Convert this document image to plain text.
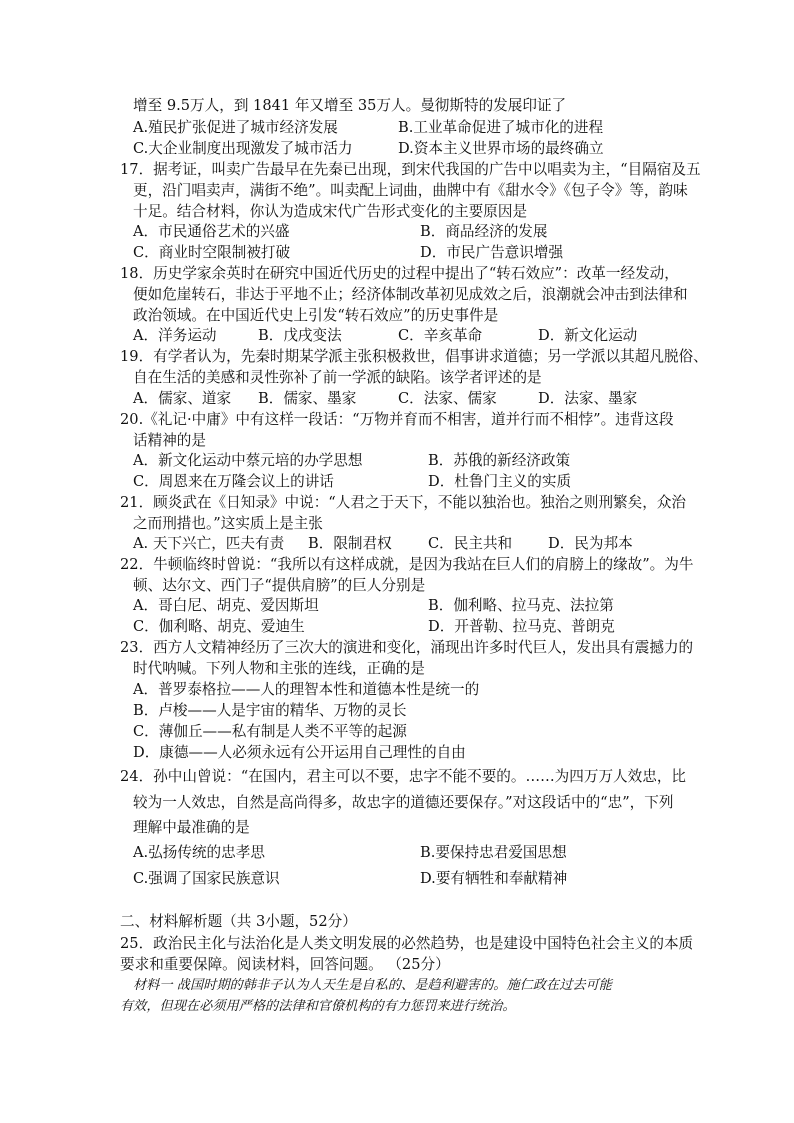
增至 9.5万人，到 1841 年又增至 35万人。曼彻斯特的发展印证了
A.殖民扩张促进了城市经济发展	B.工业革命促进了城市化的进程
C.大企业制度出现激发了城市活力	D.资本主义世界市场的最终确立
17．据考证，叫卖广告最早在先秦已出现，到宋代我国的广告中以唱卖为主，“目隔宿及五
更，沿门唱卖声，满街不绝”。叫卖配上词曲，曲牌中有《甜水令》《包子令》等，韵味
十足。结合材料，你认为造成宋代广告形式变化的主要原因是
A．市民通俗艺术的兴盛	B．商品经济的发展
C．商业时空限制被打破	D．市民广告意识增强
18．历史学家余英时在研究中国近代历史的过程中提出了“转石效应”：改革一经发动，
便如危崖转石，非达于平地不止；经济体制改革初见成效之后，浪潮就会冲击到法律和
政治领域。在中国近代史上引发“转石效应”的历史事件是
A．洋务运动	B．戊戌变法	C．辛亥革命	D．新文化运动
19．有学者认为，先秦时期某学派主张积极救世，倡事讲求道德；另一学派以其超凡脱俗、
自在生活的美感和灵性弥补了前一学派的缺陷。该学者评述的是
A．儒家、道家 B．儒家、墨家	C．法家、儒家	D．法家、墨家
20.《礼记·中庸》中有这样一段话：“万物并育而不相害，道并行而不相悖”。违背这段
话精神的是
A．新文化运动中蔡元培的办学思想	B．苏俄的新经济政策
C．周恩来在万隆会议上的讲话	D．杜鲁门主义的实质
21．顾炎武在《日知录》中说：“人君之于天下，不能以独治也。独治之则刑繁矣，众治
之而刑措也。”这实质上是主张
A. 天下兴亡，匹夫有责 B．限制君权 C．民主共和 D．民为邦本
22．牛顿临终时曾说：“我所以有这样成就，是因为我站在巨人们的肩膀上的缘故”。为牛
顿、达尔文、西门子“提供肩膀”的巨人分别是
A．哥白尼、胡克、爱因斯坦	B．伽利略、拉马克、法拉第
C．伽利略、胡克、爱迪生	D．开普勒、拉马克、普朗克
23．西方人文精神经历了三次大的演进和变化，涌现出许多时代巨人，发出具有震撼力的
时代呐喊。下列人物和主张的连线，正确的是
A．普罗泰格拉——人的理智本性和道德本性是统一的
B．卢梭——人是宇宙的精华、万物的灵长
C．薄伽丘——私有制是人类不平等的起源
D．康德——人必须永远有公开运用自己理性的自由
24．孙中山曾说：“在国内，君主可以不要，忠字不能不要的。……为四万万人效忠，比
较为一人效忠，自然是高尚得多，故忠字的道德还要保存。”对这段话中的“忠”，下列
理解中最准确的是
A.弘扬传统的忠孝思	B.要保持忠君爱国思想
C.强调了国家民族意识	D.要有牺牲和奉献精神
二、材料解析题（共 3小题，52分）
25．政治民主化与法治化是人类文明发展的必然趋势，也是建设中国特色社会主义的本质
要求和重要保障。阅读材料，回答问题。 （25分）
材料一 战国时期的韩非子认为人天生是自私的、是趋利避害的。施仁政在过去可能
有效，但现在必须用严格的法律和官僚机构的有力惩罚来进行统治。
